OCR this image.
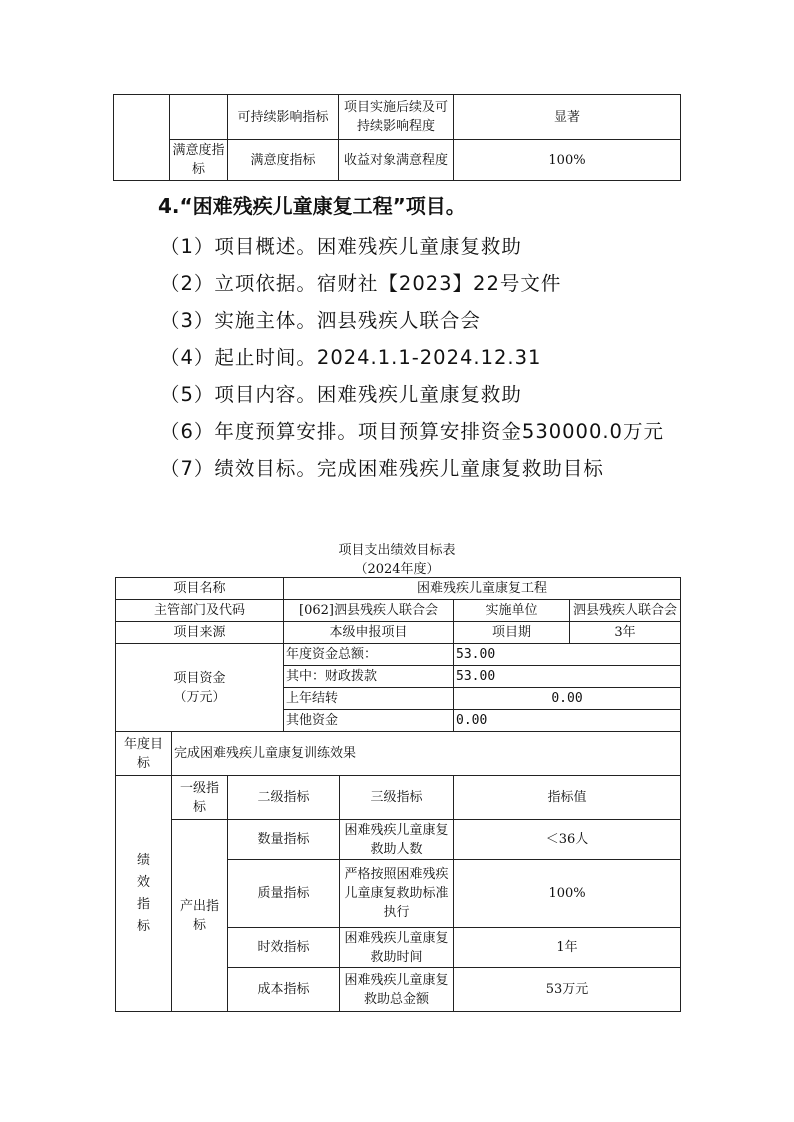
		可持续影响指标	项目实施后续及可持续影响程度	显著
	满意度指标	满意度指标	收益对象满意程度	100%
4.“困难残疾儿童康复工程”项目。
（1）项目概述。困难残疾儿童康复救助
（2）立项依据。宿财社【2023】22号文件
（3）实施主体。泗县残疾人联合会
（4）起止时间。2024.1.1-2024.12.31
（5）项目内容。困难残疾儿童康复救助
（6）年度预算安排。项目预算安排资金530000.0万元
（7）绩效目标。完成困难残疾儿童康复救助目标
项目支出绩效目标表
（2024年度）
项目名称			困难残疾儿童康复工程			
主管部门及代码			[062]泗县残疾人联合会		实施单位	泗县残疾人联合会
项目来源			本级申报项目		项目期	3年

项目资金
（万元）			年度资金总额：		53.00	
			其中：财政拨款		53.00	
			上年结转		0.00	
			其他资金		0.00	
年度目标	完成困难残疾儿童康复训练效果					
绩效指标	一级指标	二级指标		三级指标	指标值	
	产出指标	数量指标		困难残疾儿童康复救助人数	＜36人	
		质量指标		严格按照困难残疾儿童康复救助标准执行	100%	
		时效指标		困难残疾儿童康复救助时间	1年	
		成本指标		困难残疾儿童康复救助总金额	53万元	
